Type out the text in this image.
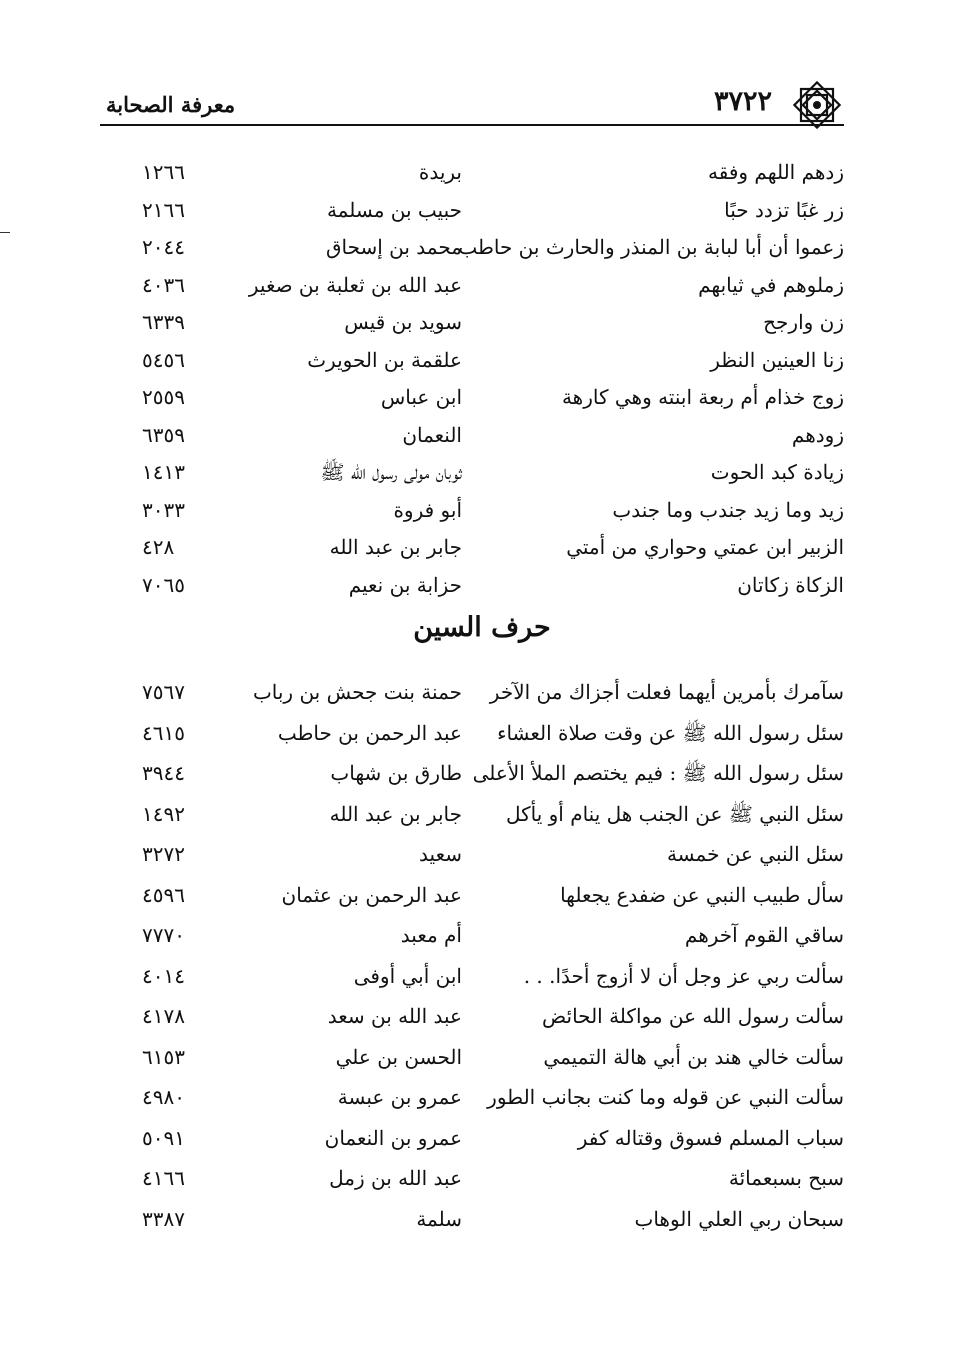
٣٧٢٢
معرفة الصحابة
زدهم اللهم وفقه
بريدة
١٢٦٦
زر غبًا تزدد حبًا
حبيب بن مسلمة
٢١٦٦
زعموا أن أبا لبابة بن المنذر والحارث بن حاطب
محمد بن إسحاق
٢٠٤٤
زملوهم في ثيابهم
عبد الله بن ثعلبة بن صغير
٤٠٣٦
زن وارجح
سويد بن قيس
٦٣٣٩
زنا العينين النظر
علقمة بن الحويرث
٥٤٥٦
زوج خذام أم ربعة ابنته وهي كارهة
ابن عباس
٢٥٥٩
زودهم
النعمان
٦٣٥٩
زيادة كبد الحوت
ثوبان مولى رسول الله ﷺ
١٤١٣
زيد وما زيد جندب وما جندب
أبو فروة
٣٠٣٣
الزبير ابن عمتي وحواري من أمتي
جابر بن عبد الله
٤٢٨
الزكاة زكاتان
حزابة بن نعيم
٧٠٦٥
حرف السين
سآمرك بأمرين أيهما فعلت أجزاك من الآخر
حمنة بنت جحش بن رباب
٧٥٦٧
سئل رسول الله ﷺ عن وقت صلاة العشاء
عبد الرحمن بن حاطب
٤٦١٥
سئل رسول الله ﷺ : فيم يختصم الملأ الأعلى
طارق بن شهاب
٣٩٤٤
سئل النبي ﷺ عن الجنب هل ينام أو يأكل
جابر بن عبد الله
١٤٩٢
سئل النبي عن خمسة
سعيد
٣٢٧٢
سأل طبيب النبي عن ضفدع يجعلها
عبد الرحمن بن عثمان
٤٥٩٦
ساقي القوم آخرهم
أم معبد
٧٧٧٠
سألت ربي عز وجل أن لا أزوج أحدًا. . .
ابن أبي أوفى
٤٠١٤
سألت رسول الله عن مواكلة الحائض
عبد الله بن سعد
٤١٧٨
سألت خالي هند بن أبي هالة التميمي
الحسن بن علي
٦١٥٣
سألت النبي عن قوله وما كنت بجانب الطور
عمرو بن عبسة
٤٩٨٠
سباب المسلم فسوق وقتاله كفر
عمرو بن النعمان
٥٠٩١
سبح بسبعمائة
عبد الله بن زمل
٤١٦٦
سبحان ربي العلي الوهاب
سلمة
٣٣٨٧
